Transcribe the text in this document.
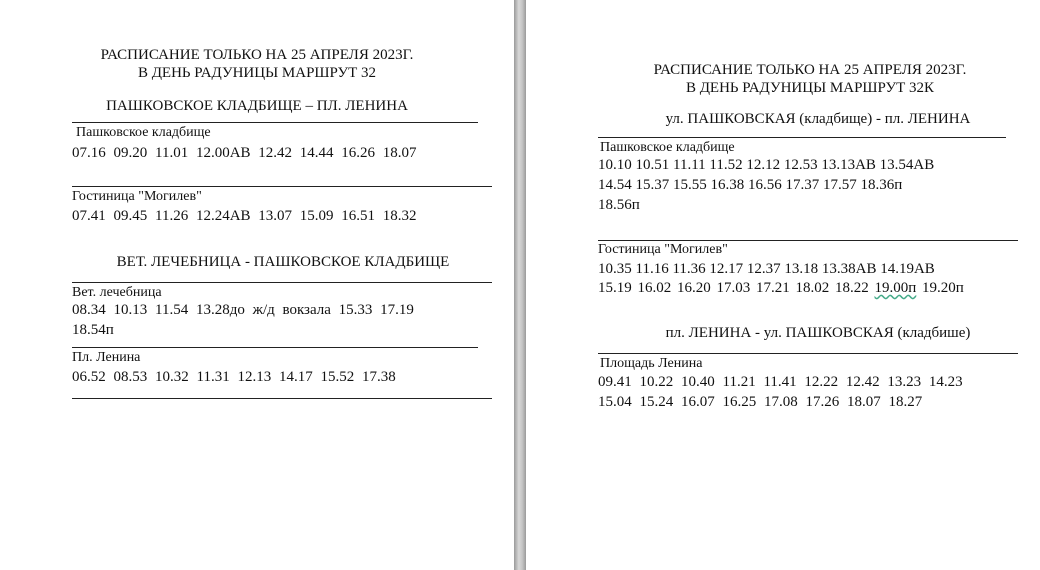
РАСПИСАНИЕ ТОЛЬКО НА 25 АПРЕЛЯ 2023Г.
В ДЕНЬ РАДУНИЦЫ МАРШРУТ 32
ПАШКОВСКОЕ КЛАДБИЩЕ – ПЛ. ЛЕНИНА
Пашковское кладбище
07.16 09.20 11.01 12.00АВ 12.42 14.44 16.26 18.07
Гостиница "Могилев"
07.41 09.45 11.26 12.24АВ 13.07 15.09 16.51 18.32
ВЕТ. ЛЕЧЕБНИЦА - ПАШКОВСКОЕ КЛАДБИЩЕ
Вет. лечебница
08.34 10.13 11.54 13.28до ж/д вокзала 15.33 17.19
18.54п
Пл. Ленина
06.52 08.53 10.32 11.31 12.13 14.17 15.52 17.38
РАСПИСАНИЕ ТОЛЬКО НА 25 АПРЕЛЯ 2023Г.
В ДЕНЬ РАДУНИЦЫ МАРШРУТ 32К
ул. ПАШКОВСКАЯ (кладбище) - пл. ЛЕНИНА
Пашковское кладбище
10.10 10.51 11.11 11.52 12.12 12.53 13.13АВ 13.54АВ
14.54 15.37 15.55 16.38 16.56 17.37 17.57 18.36п
18.56п
Гостиница "Могилев"
10.35 11.16 11.36 12.17 12.37 13.18 13.38АВ 14.19АВ
15.19 16.02 16.20 17.03 17.21 18.02 18.22 19.00п 19.20п
пл. ЛЕНИНА - ул. ПАШКОВСКАЯ (кладбише)
Площадь Ленина
09.41 10.22 10.40 11.21 11.41 12.22 12.42 13.23 14.23
15.04 15.24 16.07 16.25 17.08 17.26 18.07 18.27
